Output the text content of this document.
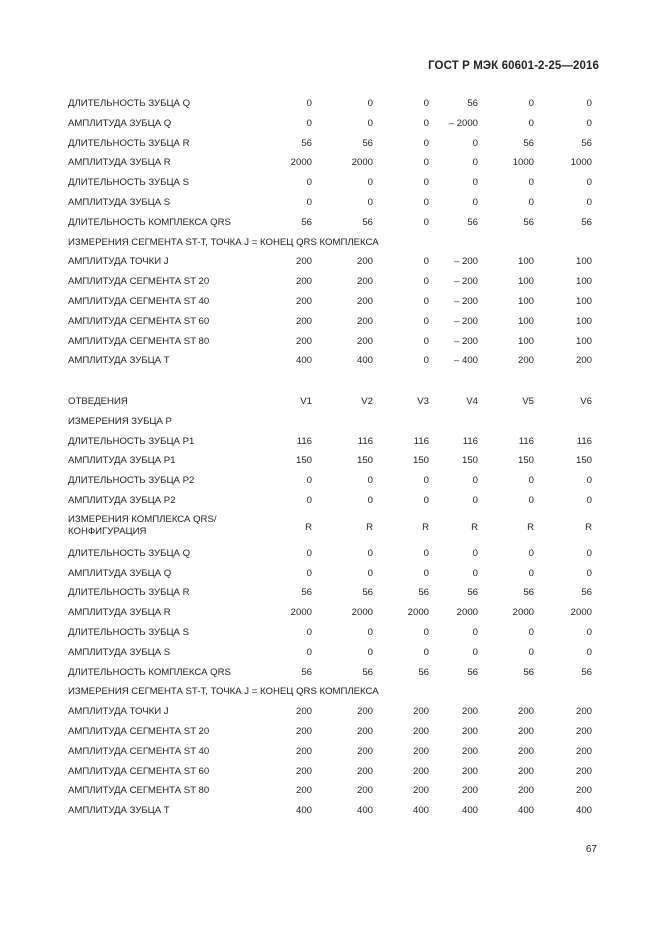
ГОСТ Р МЭК 60601-2-25—2016
ДЛИТЕЛЬНОСТЬ ЗУБЦА Q	0	0	0	56	0	0
АМПЛИТУДА ЗУБЦА Q	0	0	0	– 2000	0	0
ДЛИТЕЛЬНОСТЬ ЗУБЦА R	56	56	0	0	56	56
АМПЛИТУДА ЗУБЦА R	2000	2000	0	0	1000	1000
ДЛИТЕЛЬНОСТЬ ЗУБЦА S	0	0	0	0	0	0
АМПЛИТУДА ЗУБЦА S	0	0	0	0	0	0
ДЛИТЕЛЬНОСТЬ КОМПЛЕКСА QRS	56	56	0	56	56	56
ИЗМЕРЕНИЯ СЕГМЕНТА ST-T, ТОЧКА J = КОНЕЦ QRS КОМПЛЕКСА
АМПЛИТУДА ТОЧКИ J	200	200	0	– 200	100	100
АМПЛИТУДА СЕГМЕНТА ST 20	200	200	0	– 200	100	100
АМПЛИТУДА СЕГМЕНТА ST 40	200	200	0	– 200	100	100
АМПЛИТУДА СЕГМЕНТА ST 60	200	200	0	– 200	100	100
АМПЛИТУДА СЕГМЕНТА ST 80	200	200	0	– 200	100	100
АМПЛИТУДА ЗУБЦА T	400	400	0	– 400	200	200
ОТВЕДЕНИЯ	V1	V2	V3	V4	V5	V6
ИЗМЕРЕНИЯ ЗУБЦА P
ДЛИТЕЛЬНОСТЬ ЗУБЦА P1	116	116	116	116	116	116
АМПЛИТУДА ЗУБЦА P1	150	150	150	150	150	150
ДЛИТЕЛЬНОСТЬ ЗУБЦА P2	0	0	0	0	0	0
АМПЛИТУДА ЗУБЦА P2	0	0	0	0	0	0
ИЗМЕРЕНИЯ КОМПЛЕКСА QRS/КОНФИГУРАЦИЯ	R	R	R	R	R	R
ДЛИТЕЛЬНОСТЬ ЗУБЦА Q	0	0	0	0	0	0
АМПЛИТУДА ЗУБЦА Q	0	0	0	0	0	0
ДЛИТЕЛЬНОСТЬ ЗУБЦА R	56	56	56	56	56	56
АМПЛИТУДА ЗУБЦА R	2000	2000	2000	2000	2000	2000
ДЛИТЕЛЬНОСТЬ ЗУБЦА S	0	0	0	0	0	0
АМПЛИТУДА ЗУБЦА S	0	0	0	0	0	0
ДЛИТЕЛЬНОСТЬ КОМПЛЕКСА QRS	56	56	56	56	56	56
ИЗМЕРЕНИЯ СЕГМЕНТА ST-T, ТОЧКА J = КОНЕЦ QRS КОМПЛЕКСА
АМПЛИТУДА ТОЧКИ J	200	200	200	200	200	200
АМПЛИТУДА СЕГМЕНТА ST 20	200	200	200	200	200	200
АМПЛИТУДА СЕГМЕНТА ST 40	200	200	200	200	200	200
АМПЛИТУДА СЕГМЕНТА ST 60	200	200	200	200	200	200
АМПЛИТУДА СЕГМЕНТА ST 80	200	200	200	200	200	200
АМПЛИТУДА ЗУБЦА T	400	400	400	400	400	400
67
